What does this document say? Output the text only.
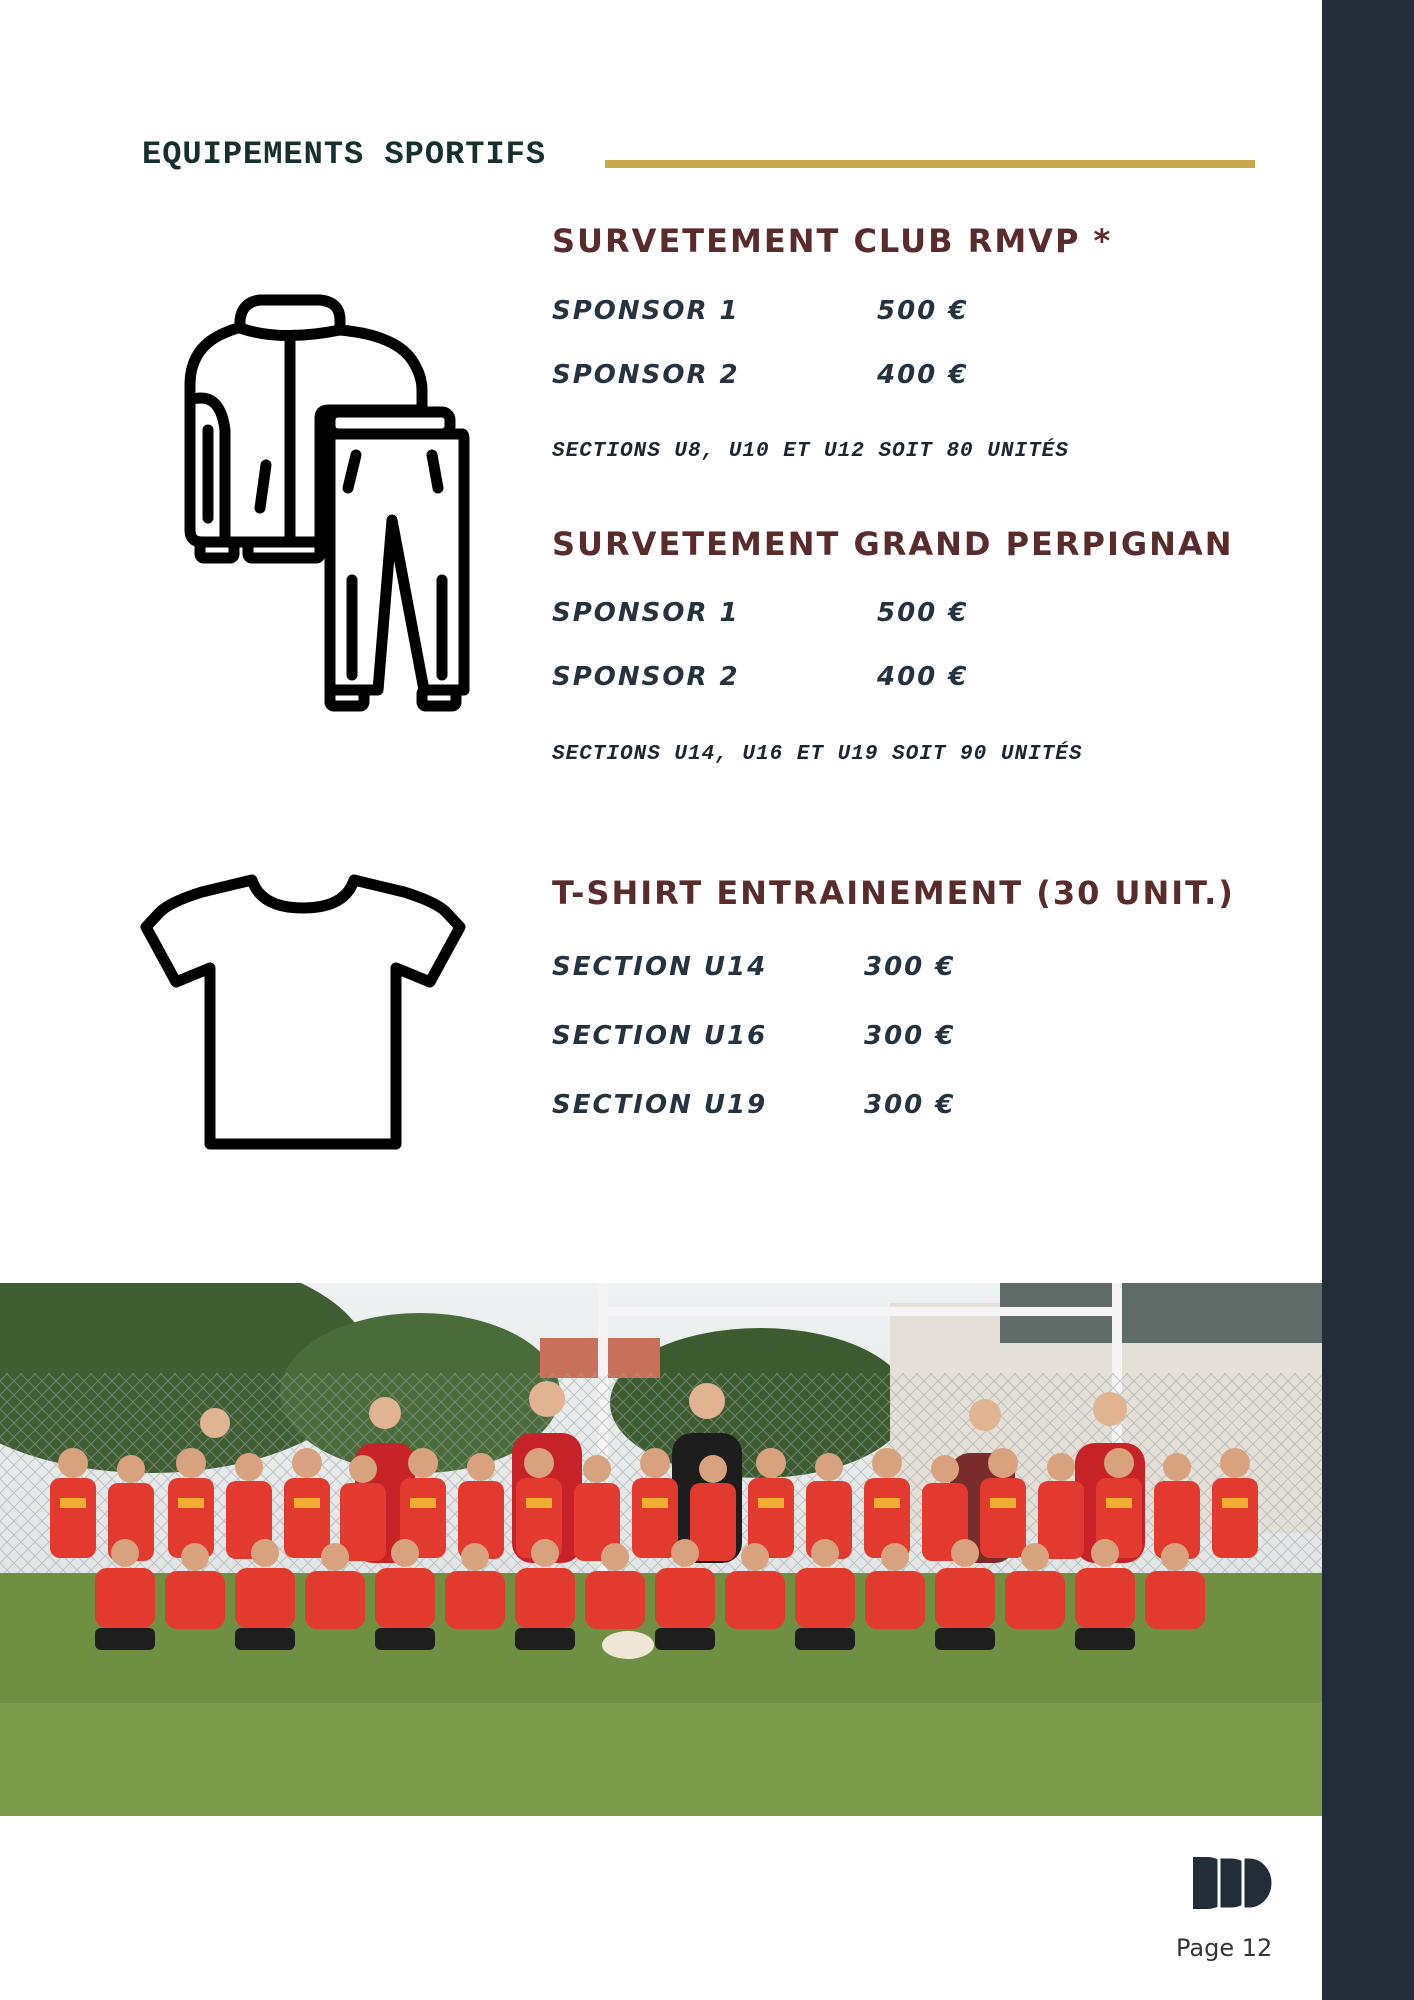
EQUIPEMENTS SPORTIFS
SURVETEMENT CLUB RMVP *
SPONSOR 1	500 €
SPONSOR 2	400 €
SECTIONS U8, U10 ET U12 SOIT 80 UNITÉS
SURVETEMENT GRAND PERPIGNAN
SPONSOR 1	500 €
SPONSOR 2	400 €
SECTIONS U14, U16 ET U19 SOIT 90 UNITÉS
T-SHIRT ENTRAINEMENT (30 UNIT.)
SECTION U14	300 €
SECTION U16	300 €
SECTION U19	300 €
Page 12
